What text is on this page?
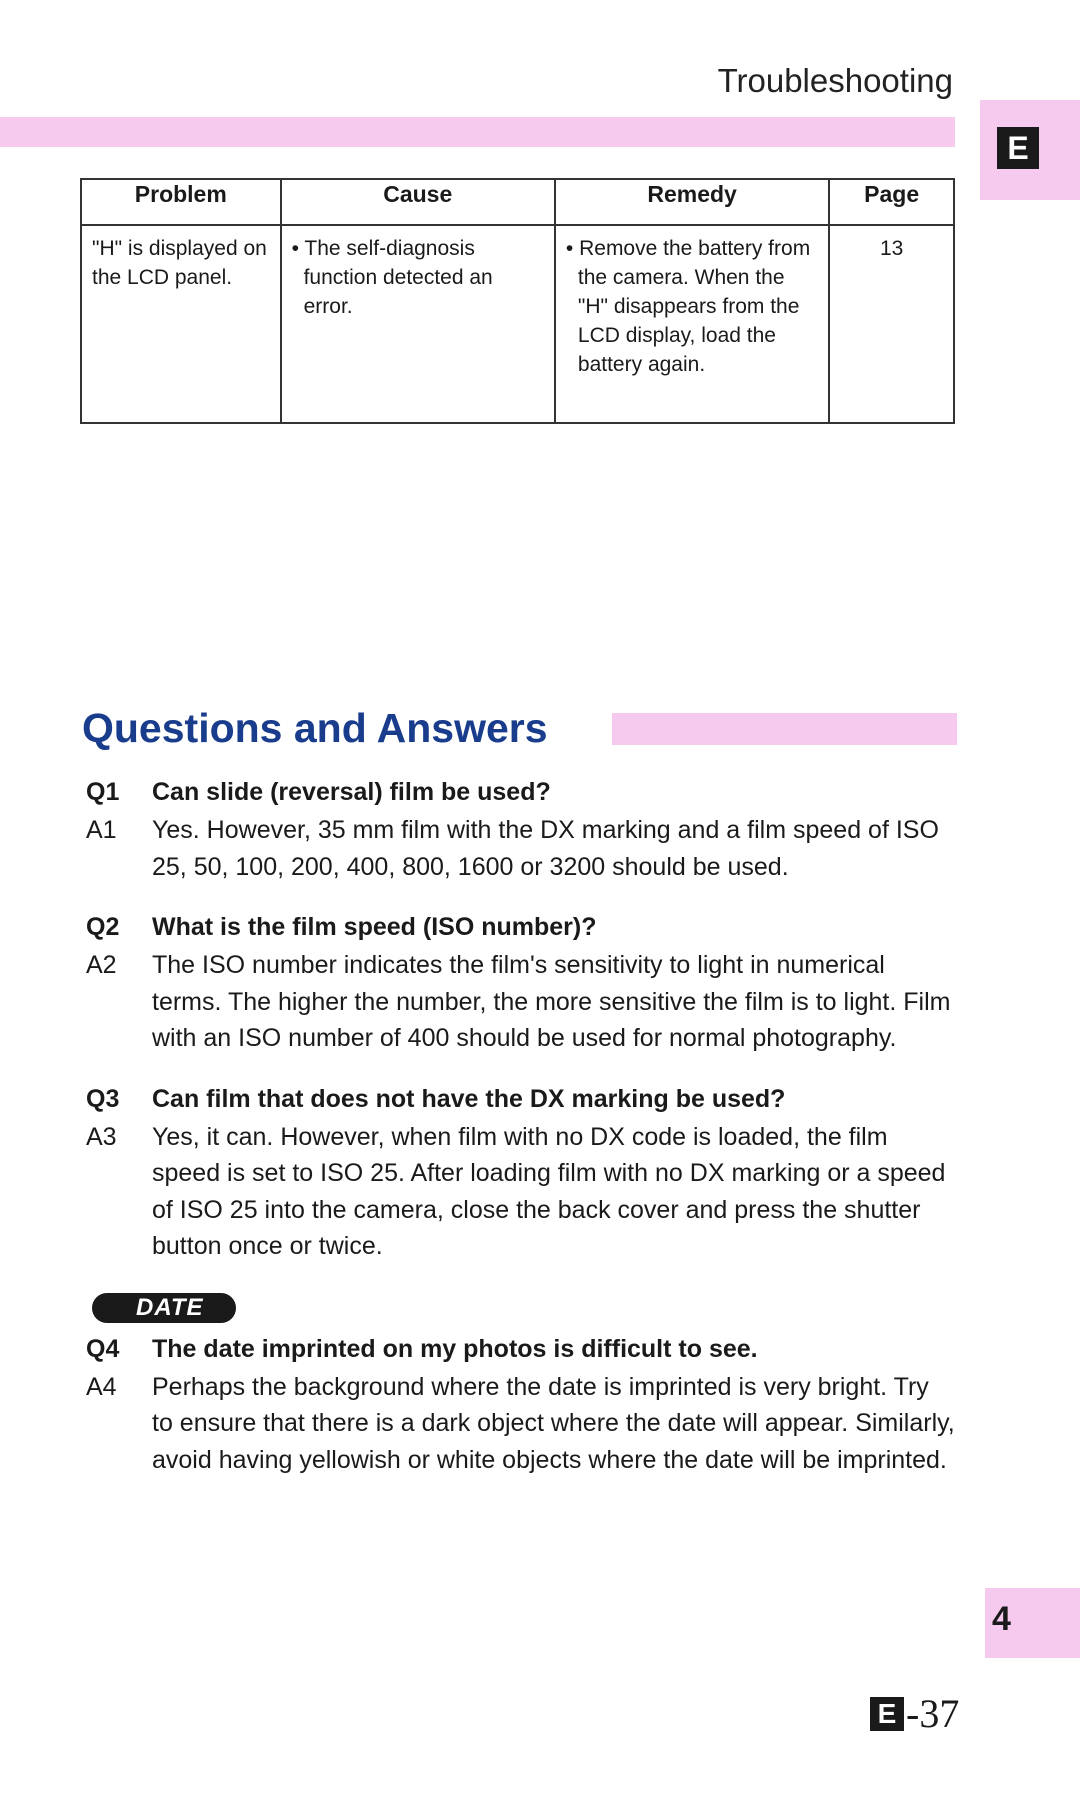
Troubleshooting
E
Problem	Cause	Remedy	Page
"H" is displayed on the LCD panel.	• The self-diagnosis function detected an error.	• Remove the battery from the camera. When the "H" disappears from the LCD display, load the battery again.	13
Questions and Answers
Q1	Can slide (reversal) film be used?
A1	Yes. However, 35 mm film with the DX marking and a film speed of ISO 25, 50, 100, 200, 400, 800, 1600 or 3200 should be used.
Q2	What is the film speed (ISO number)?
A2	The ISO number indicates the film's sensitivity to light in numerical terms. The higher the number, the more sensitive the film is to light. Film with an ISO number of 400 should be used for normal photography.
Q3	Can film that does not have the DX marking be used?
A3	Yes, it can. However, when film with no DX code is loaded, the film speed is set to ISO 25. After loading film with no DX marking or a speed of ISO 25 into the camera, close the back cover and press the shutter button once or twice.
DATE
Q4	The date imprinted on my photos is difficult to see.
A4	Perhaps the background where the date is imprinted is very bright. Try to ensure that there is a dark object where the date will appear. Similarly, avoid having yellowish or white objects where the date will be imprinted.
4
E -37
